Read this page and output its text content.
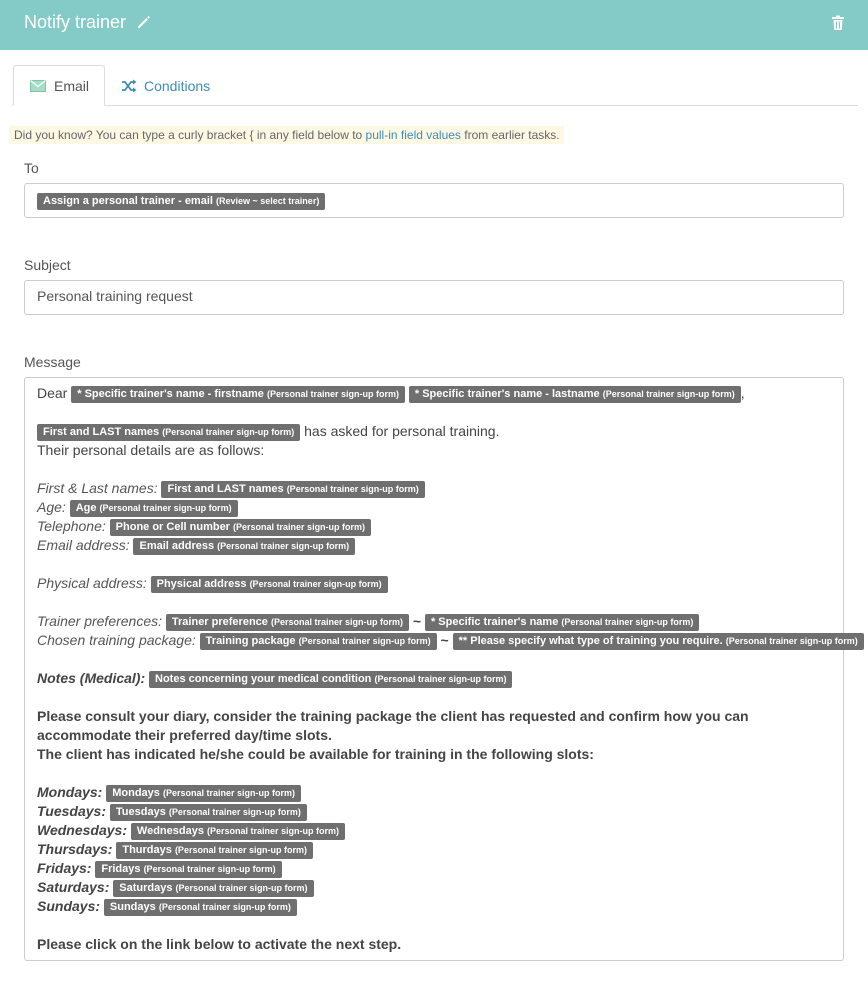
Notify trainer
Email	Conditions
Did you know? You can type a curly bracket { in any field below to pull-in field values from earlier tasks.
To
Assign a personal trainer - email (Review ~ select trainer)
Subject
Personal training request
Message
Dear * Specific trainer's name - firstname (Personal trainer sign-up form) * Specific trainer's name - lastname (Personal trainer sign-up form) ,
First and LAST names (Personal trainer sign-up form) has asked for personal training.
Their personal details are as follows:
First & Last names: First and LAST names (Personal trainer sign-up form)
Age: Age (Personal trainer sign-up form)
Telephone: Phone or Cell number (Personal trainer sign-up form)
Email address: Email address (Personal trainer sign-up form)
Physical address: Physical address (Personal trainer sign-up form)
Trainer preferences: Trainer preference (Personal trainer sign-up form) ~ * Specific trainer's name (Personal trainer sign-up form)
Chosen training package: Training package (Personal trainer sign-up form) ~ ** Please specify what type of training you require. (Personal trainer sign-up form)
Notes (Medical): Notes concerning your medical condition (Personal trainer sign-up form)
Please consult your diary, consider the training package the client has requested and confirm how you can
accommodate their preferred day/time slots.
The client has indicated he/she could be available for training in the following slots:
Mondays: Mondays (Personal trainer sign-up form)
Tuesdays: Tuesdays (Personal trainer sign-up form)
Wednesdays: Wednesdays (Personal trainer sign-up form)
Thursdays: Thurdays (Personal trainer sign-up form)
Fridays: Fridays (Personal trainer sign-up form)
Saturdays: Saturdays (Personal trainer sign-up form)
Sundays: Sundays (Personal trainer sign-up form)
Please click on the link below to activate the next step.
